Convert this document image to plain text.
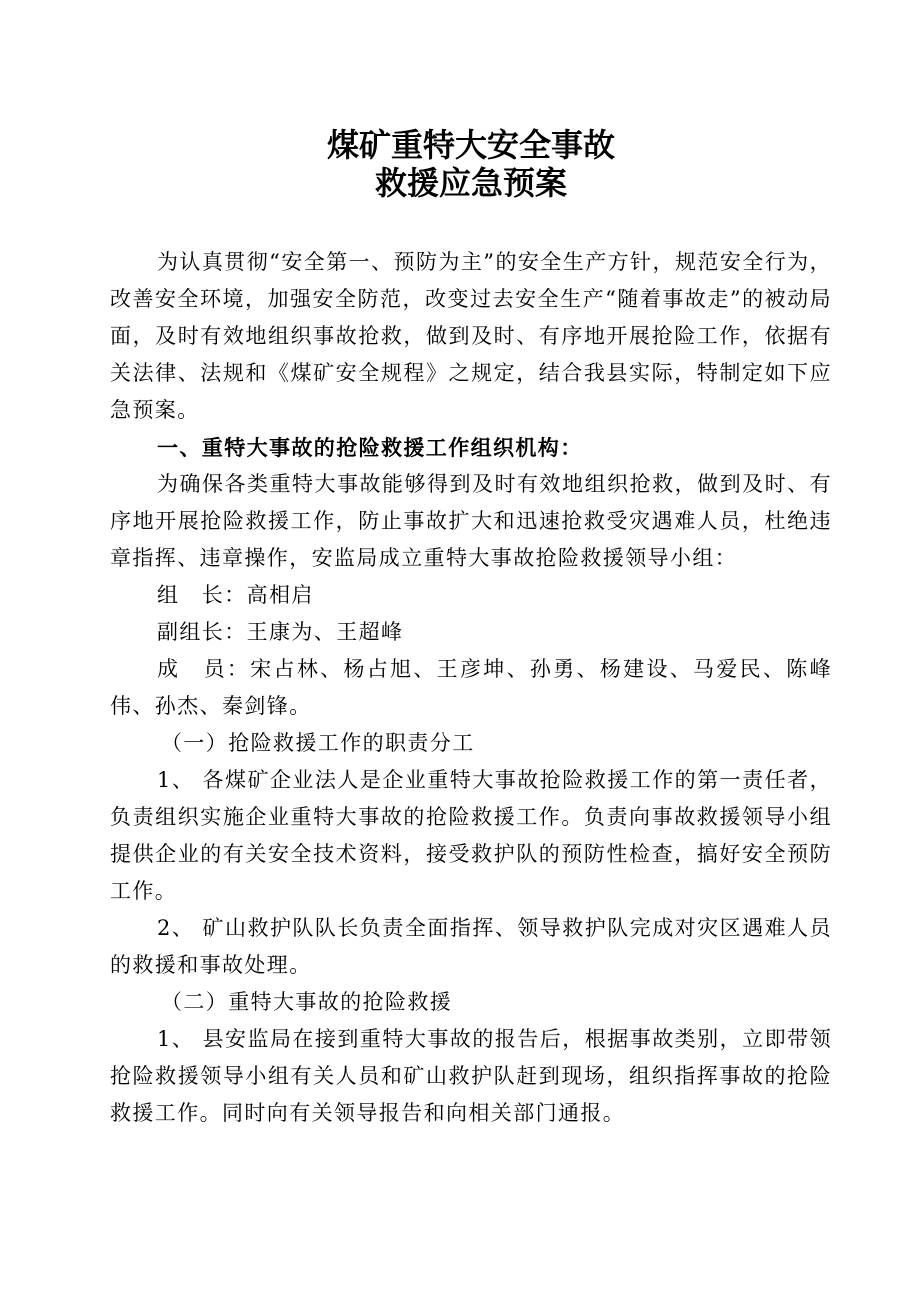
煤矿重特大安全事故
救援应急预案

为认真贯彻“安全第一、预防为主”的安全生产方针，规范安全行为，改善安全环境，加强安全防范，改变过去安全生产“随着事故走”的被动局面，及时有效地组织事故抢救，做到及时、有序地开展抢险工作，依据有关法律、法规和《煤矿安全规程》之规定，结合我县实际，特制定如下应急预案。

一、重特大事故的抢险救援工作组织机构：

为确保各类重特大事故能够得到及时有效地组织抢救，做到及时、有序地开展抢险救援工作，防止事故扩大和迅速抢救受灾遇难人员，杜绝违章指挥、违章操作，安监局成立重特大事故抢险救援领导小组：

组　长：高相启

副组长：王康为、王超峰

成　员：宋占林、杨占旭、王彦坤、孙勇、杨建设、马爱民、陈峰伟、孙杰、秦剑锋。

（一）抢险救援工作的职责分工

1、 各煤矿企业法人是企业重特大事故抢险救援工作的第一责任者，负责组织实施企业重特大事故的抢险救援工作。负责向事故救援领导小组提供企业的有关安全技术资料，接受救护队的预防性检查，搞好安全预防工作。

2、 矿山救护队队长负责全面指挥、领导救护队完成对灾区遇难人员的救援和事故处理。

（二）重特大事故的抢险救援

1、 县安监局在接到重特大事故的报告后，根据事故类别，立即带领抢险救援领导小组有关人员和矿山救护队赶到现场，组织指挥事故的抢险救援工作。同时向有关领导报告和向相关部门通报。
